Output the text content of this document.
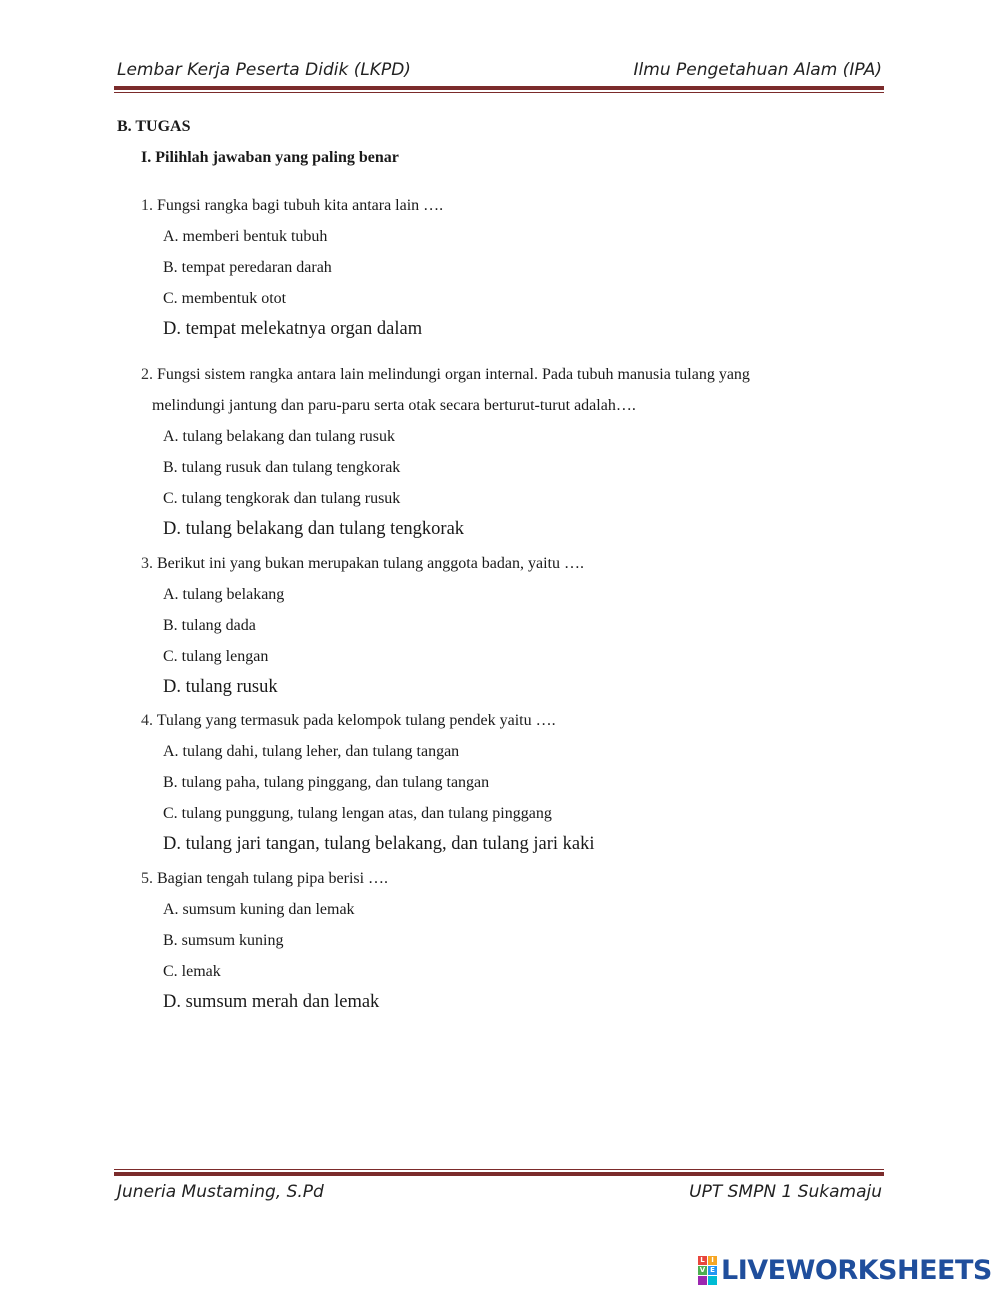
Lembar Kerja Peserta Didik (LKPD)	Ilmu Pengetahuan Alam (IPA)
B. TUGAS
I. Pilihlah jawaban yang paling benar
1. Fungsi rangka bagi tubuh kita antara lain ….
A. memberi bentuk tubuh
B. tempat peredaran darah
C. membentuk otot
D. tempat melekatnya organ dalam
2. Fungsi sistem rangka antara lain melindungi organ internal. Pada tubuh manusia tulang yang
melindungi jantung dan paru-paru serta otak secara berturut-turut adalah….
A. tulang belakang dan tulang rusuk
B. tulang rusuk dan tulang tengkorak
C. tulang tengkorak dan tulang rusuk
D. tulang belakang dan tulang tengkorak
3. Berikut ini yang bukan merupakan tulang anggota badan, yaitu ….
A. tulang belakang
B. tulang dada
C. tulang lengan
D. tulang rusuk
4. Tulang yang termasuk pada kelompok tulang pendek yaitu ….
A. tulang dahi, tulang leher, dan tulang tangan
B. tulang paha, tulang pinggang, dan tulang tangan
C. tulang punggung, tulang lengan atas, dan tulang pinggang
D. tulang jari tangan, tulang belakang, dan tulang jari kaki
5. Bagian tengah tulang pipa berisi ….
A. sumsum kuning dan lemak
B. sumsum kuning
C. lemak
D. sumsum merah dan lemak
Juneria Mustaming, S.Pd	UPT SMPN 1 Sukamaju
L I
V E LIVEWORKSHEETS
